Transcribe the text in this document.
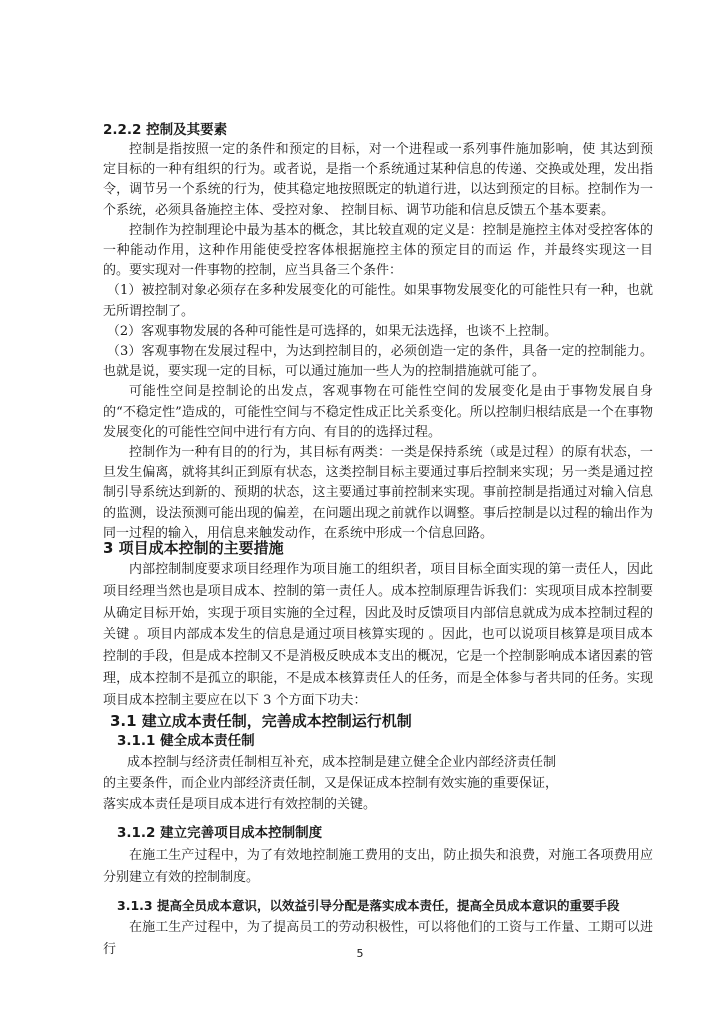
2.2.2 控制及其要素

控制是指按照一定的条件和预定的目标，对一个进程或一系列事件施加影响，使 其达到预定目标的一种有组织的行为。或者说，是指一个系统通过某种信息的传递、交换或处理，发出指令，调节另一个系统的行为，使其稳定地按照既定的轨道行进，以达到预定的目标。控制作为一个系统，必须具备施控主体、受控对象、 控制目标、调节功能和信息反馈五个基本要素。

控制作为控制理论中最为基本的概念，其比较直观的定义是：控制是施控主体对受控客体的一种能动作用，这种作用能使受控客体根据施控主体的预定目的而运 作，并最终实现这一目的。要实现对一件事物的控制，应当具备三个条件：

（1）被控制对象必须存在多种发展变化的可能性。如果事物发展变化的可能性只有一种，也就无所谓控制了。

（2）客观事物发展的各种可能性是可选择的，如果无法选择，也谈不上控制。

（3）客观事物在发展过程中，为达到控制目的，必须创造一定的条件，具备一定的控制能力。也就是说，要实现一定的目标，可以通过施加一些人为的控制措施就可能了。

可能性空间是控制论的出发点，客观事物在可能性空间的发展变化是由于事物发展自身的“不稳定性”造成的，可能性空间与不稳定性成正比关系变化。所以控制归根结底是一个在事物发展变化的可能性空间中进行有方向、有目的的选择过程。

控制作为一种有目的的行为，其目标有两类：一类是保持系统（或是过程）的原有状态，一旦发生偏离，就将其纠正到原有状态，这类控制目标主要通过事后控制来实现；另一类是通过控制引导系统达到新的、预期的状态，这主要通过事前控制来实现。事前控制是指通过对输入信息的监测，设法预测可能出现的偏差，在问题出现之前就作以调整。事后控制是以过程的输出作为同一过程的输入，用信息来触发动作，在系统中形成一个信息回路。

3 项目成本控制的主要措施

内部控制制度要求项目经理作为项目施工的组织者，项目目标全面实现的第一责任人，因此项目经理当然也是项目成本、控制的第一责任人。成本控制原理告诉我们：实现项目成本控制要从确定目标开始，实现于项目实施的全过程，因此及时反馈项目内部信息就成为成本控制过程的关键 。项目内部成本发生的信息是通过项目核算实现的 。因此，也可以说项目核算是项目成本控制的手段，但是成本控制又不是消极反映成本支出的概况，它是一个控制影响成本诸因素的管理，成本控制不是孤立的职能，不是成本核算责任人的任务，而是全体参与者共同的任务。实现项目成本控制主要应在以下 3 个方面下功夫：

3.1 建立成本责任制，完善成本控制运行机制
3.1.1 健全成本责任制
成本控制与经济责任制相互补充，成本控制是建立健全企业内部经济责任制
的主要条件，而企业内部经济责任制，又是保证成本控制有效实施的重要保证，
落实成本责任是项目成本进行有效控制的关键。
3.1.2 建立完善项目成本控制制度

在施工生产过程中，为了有效地控制施工费用的支出，防止损失和浪费，对施工各项费用应分别建立有效的控制制度。

3.1.3 提高全员成本意识，以效益引导分配是落实成本责任，提高全员成本意识的重要手段

在施工生产过程中，为了提高员工的劳动积极性，可以将他们的工资与工作量、工期可以进行	5
